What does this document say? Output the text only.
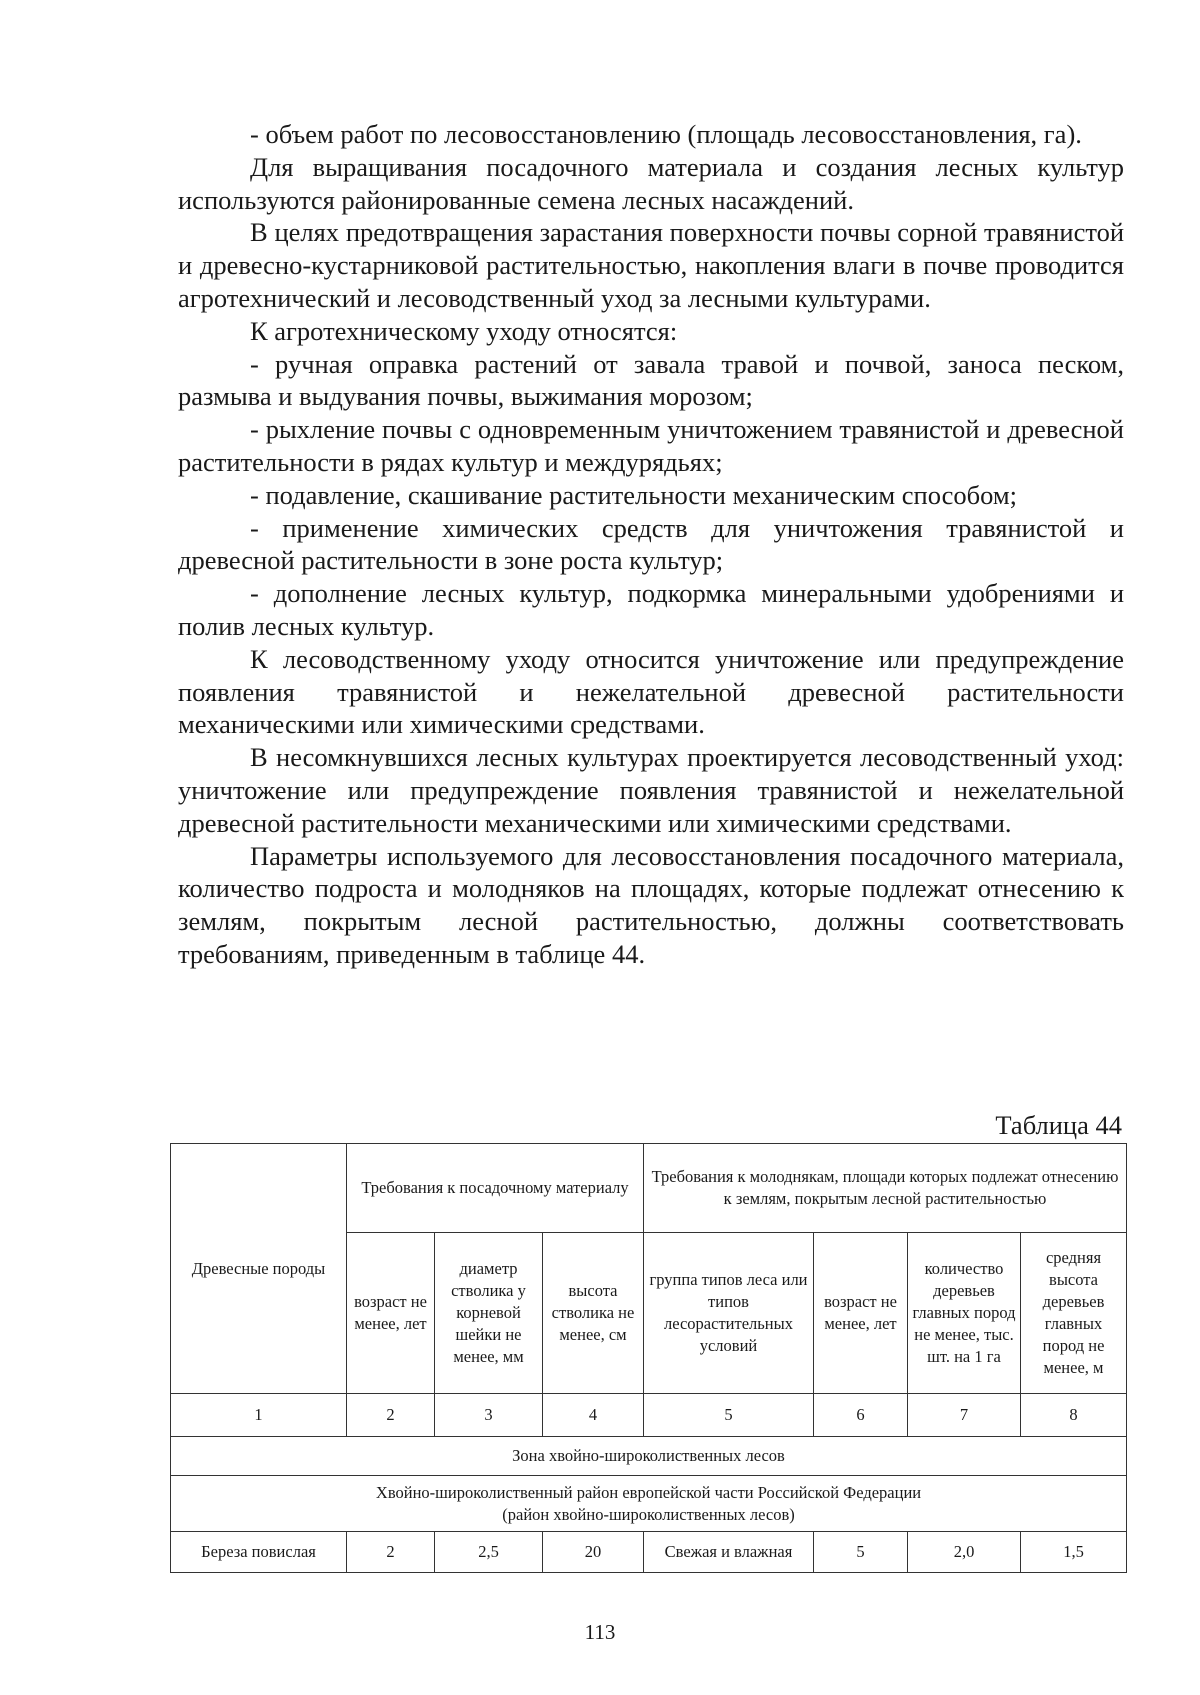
- объем работ по лесовосстановлению (площадь лесовосстановления, га).

Для выращивания посадочного материала и создания лесных культур используются районированные семена лесных насаждений.

В целях предотвращения зарастания поверхности почвы сорной травянистой и древесно-кустарниковой растительностью, накопления влаги в почве проводится агротехнический и лесоводственный уход за лесными культурами.

К агротехническому уходу относятся:

- ручная оправка растений от завала травой и почвой, заноса песком, размыва и выдувания почвы, выжимания морозом;

- рыхление почвы с одновременным уничтожением травянистой и древесной растительности в рядах культур и междурядьях;

- подавление, скашивание растительности механическим способом;

- применение химических средств для уничтожения травянистой и древесной растительности в зоне роста культур;

- дополнение лесных культур, подкормка минеральными удобрениями и полив лесных культур.

К лесоводственному уходу относится уничтожение или предупреждение появления травянистой и нежелательной древесной растительности механическими или химическими средствами.

В несомкнувшихся лесных культурах проектируется лесоводственный уход: уничтожение или предупреждение появления травянистой и нежелательной древесной растительности механическими или химическими средствами.

Параметры используемого для лесовосстановления посадочного материала, количество подроста и молодняков на площадях, которые подлежат отнесению к землям, покрытым лесной растительностью, должны соответствовать требованиям, приведенным в таблице 44.

Таблица 44
Древесные породы	Требования к посадочному материалу			Требования к молоднякам, площади которых подлежат отнесению к землям, покрытым лесной растительностью			
	возраст не менее, лет	диаметр стволика у корневой шейки не менее, мм	высота стволика не менее, см	группа типов леса или типов лесорастительных условий	возраст не менее, лет	количество деревьев главных пород не менее, тыс. шт. на 1 га	средняя высота деревьев главных пород не менее, м
1	2	3	4	5	6	7	8
Зона хвойно-широколиственных лесов							

Хвойно-широколиственный район европейской части Российской Федерации
(район хвойно-широколиственных лесов)							

Береза повислая	2	2,5	20	Свежая и влажная	5	2,0	1,5
113
